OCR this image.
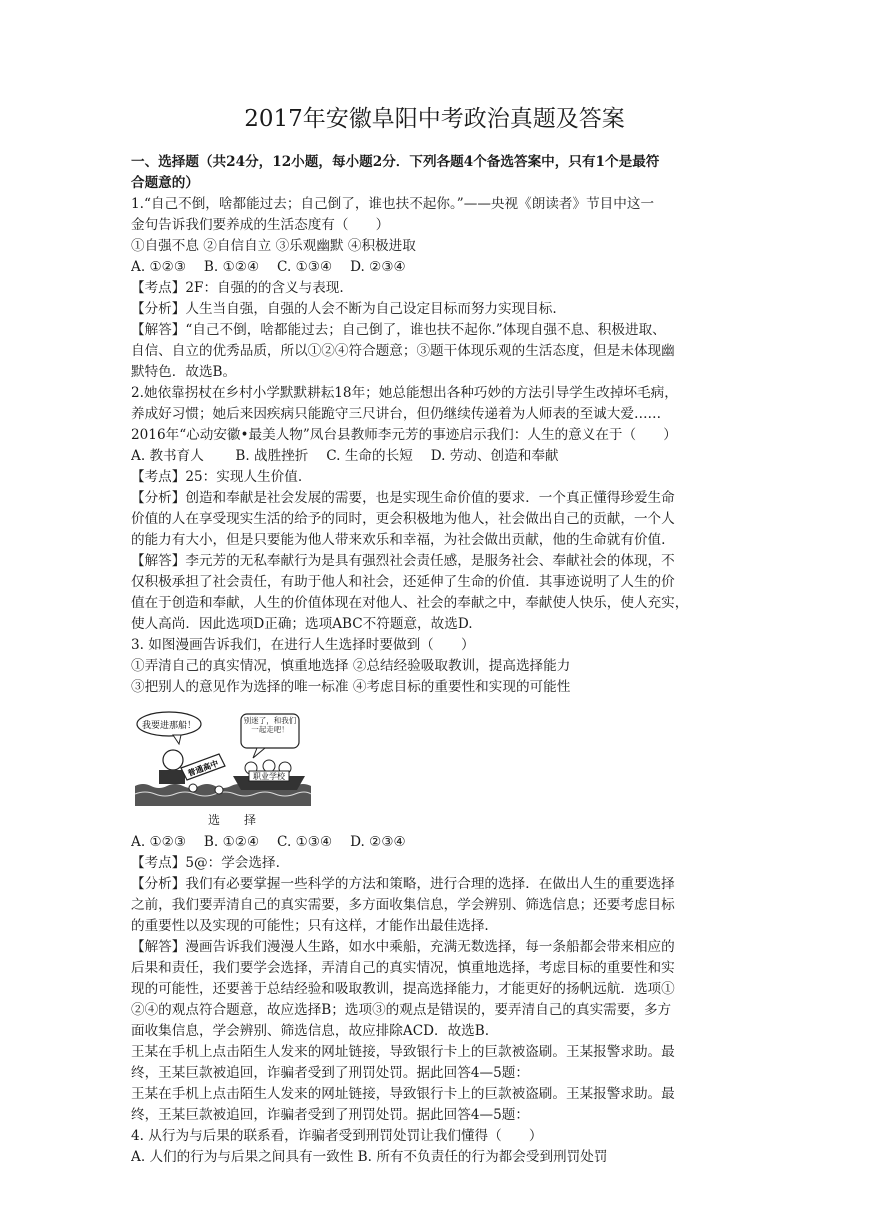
2017年安徽阜阳中考政治真题及答案
一、选择题（共24分，12小题，每小题2分．下列各题4个备选答案中，只有1个是最符
合题意的）
1.“自己不倒，啥都能过去；自己倒了，谁也扶不起你。”——央视《朗读者》节目中这一
金句告诉我们要养成的生活态度有（　　）
①自强不息 ②自信自立 ③乐观幽默 ④积极进取
A. ①②③　 B. ①②④　 C. ①③④　 D. ②③④
【考点】2F：自强的的含义与表现.
【分析】人生当自强，自强的人会不断为自己设定目标而努力实现目标.
【解答】“自己不倒，啥都能过去；自己倒了，谁也扶不起你.”体现自强不息、积极进取、
自信、自立的优秀品质，所以①②④符合题意；③题干体现乐观的生活态度，但是未体现幽
默特色．故选B。
2.她依靠拐杖在乡村小学默默耕耘18年；她总能想出各种巧妙的方法引导学生改掉坏毛病，
养成好习惯；她后来因疾病只能跪守三尺讲台，但仍继续传递着为人师表的至诚大爱……
2016年“心动安徽•最美人物”凤台县教师李元芳的事迹启示我们：人生的意义在于（　　）
A. 教书育人　　 B. 战胜挫折　 C. 生命的长短　 D. 劳动、创造和奉献
【考点】25：实现人生价值.
【分析】创造和奉献是社会发展的需要，也是实现生命价值的要求．一个真正懂得珍爱生命
价值的人在享受现实生活的给予的同时，更会积极地为他人，社会做出自己的贡献，一个人
的能力有大小，但是只要能为他人带来欢乐和幸福，为社会做出贡献，他的生命就有价值.
【解答】李元芳的无私奉献行为是具有强烈社会责任感，是服务社会、奉献社会的体现，不
仅积极承担了社会责任，有助于他人和社会，还延伸了生命的价值．其事迹说明了人生的价
值在于创造和奉献，人生的价值体现在对他人、社会的奉献之中，奉献使人快乐，使人充实，
使人高尚．因此选项D正确；选项ABC不符题意，故选D.
3. 如图漫画告诉我们，在进行人生选择时要做到（　　）
①弄清自己的真实情况，慎重地选择 ②总结经验吸取教训，提高选择能力
③把别人的意见作为选择的唯一标准 ④考虑目标的重要性和实现的可能性
我要进那船！
普通高中
别迷了，和我们一起走吧！
职业学校
选　择
A. ①②③　 B. ①②④　 C. ①③④　 D. ②③④
【考点】5@：学会选择.
【分析】我们有必要掌握一些科学的方法和策略，进行合理的选择．在做出人生的重要选择
之前，我们要弄清自己的真实需要，多方面收集信息，学会辨别、筛选信息；还要考虑目标
的重要性以及实现的可能性；只有这样，才能作出最佳选择.
【解答】漫画告诉我们漫漫人生路，如水中乘船，充满无数选择，每一条船都会带来相应的
后果和责任，我们要学会选择，弄清自己的真实情况，慎重地选择，考虑目标的重要性和实
现的可能性，还要善于总结经验和吸取教训，提高选择能力，才能更好的扬帆远航．选项①
②④的观点符合题意，故应选择B；选项③的观点是错误的，要弄清自己的真实需要，多方
面收集信息，学会辨别、筛选信息，故应排除ACD．故选B.
王某在手机上点击陌生人发来的网址链接，导致银行卡上的巨款被盗刷。王某报警求助。最
终，王某巨款被追回，诈骗者受到了刑罚处罚。据此回答4—5题：
王某在手机上点击陌生人发来的网址链接，导致银行卡上的巨款被盗刷。王某报警求助。最
终，王某巨款被追回，诈骗者受到了刑罚处罚。据此回答4—5题：
4. 从行为与后果的联系看，诈骗者受到刑罚处罚让我们懂得（　　）
A. 人们的行为与后果之间具有一致性 B. 所有不负责任的行为都会受到刑罚处罚
